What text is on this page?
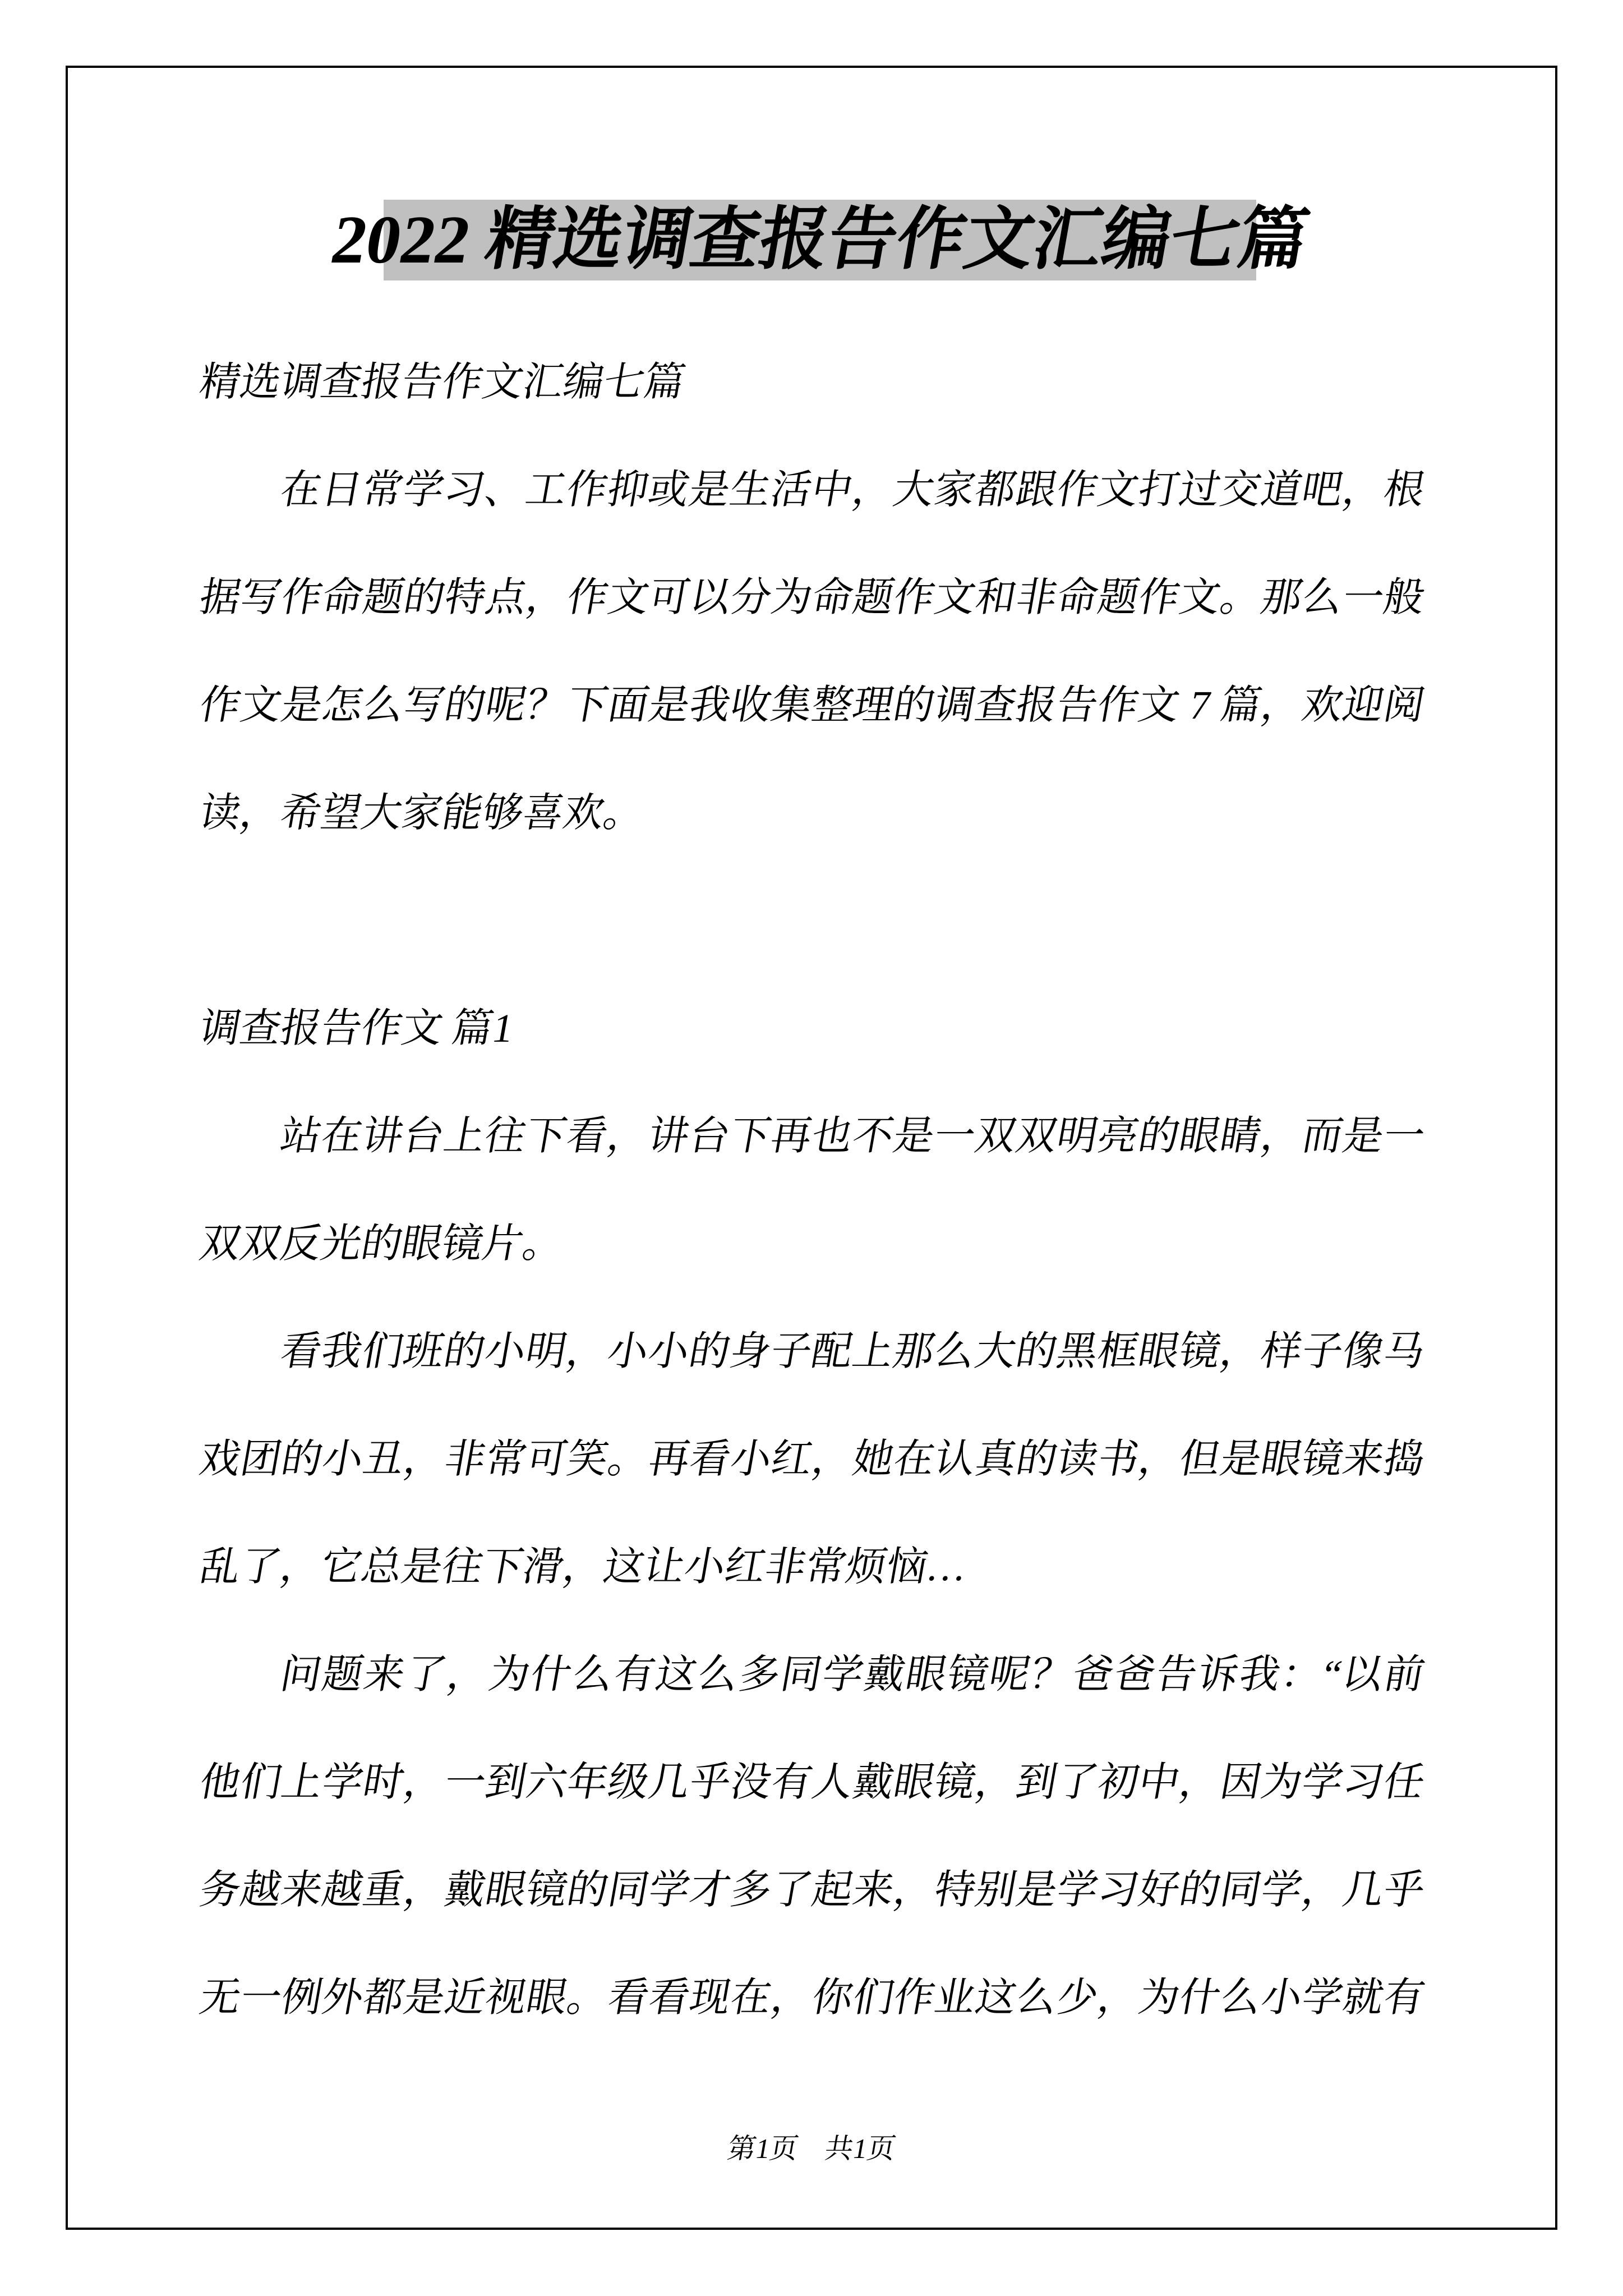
2022 精选调查报告作文汇编七篇
精选调查报告作文汇编七篇
在日常学习、工作抑或是生活中，大家都跟作文打过交道吧，根
据写作命题的特点，作文可以分为命题作文和非命题作文。那么一般
作文是怎么写的呢？下面是我收集整理的调查报告作文 7 篇，欢迎阅
读，希望大家能够喜欢。
调查报告作文 篇1
站在讲台上往下看，讲台下再也不是一双双明亮的眼睛，而是一
双双反光的眼镜片。
看我们班的小明，小小的身子配上那么大的黑框眼镜，样子像马
戏团的小丑，非常可笑。再看小红，她在认真的读书，但是眼镜来捣
乱了，它总是往下滑，这让小红非常烦恼…
问题来了，为什么有这么多同学戴眼镜呢？爸爸告诉我：“以前
他们上学时，一到六年级几乎没有人戴眼镜，到了初中，因为学习任
务越来越重，戴眼镜的同学才多了起来，特别是学习好的同学，几乎
无一例外都是近视眼。看看现在，你们作业这么少，为什么小学就有
第1页 共1页
